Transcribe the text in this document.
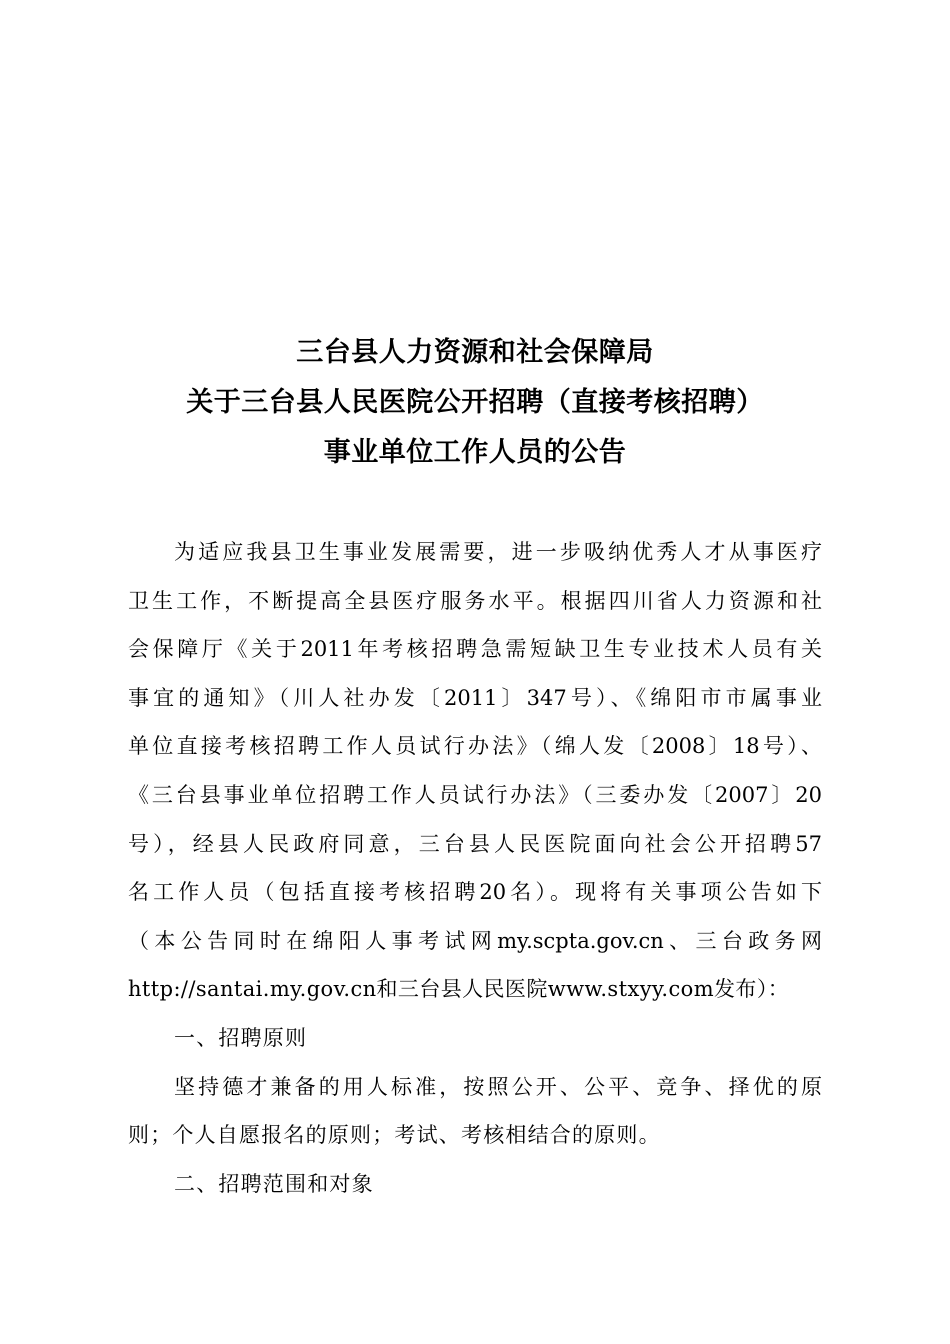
三台县人力资源和社会保障局
关于三台县人民医院公开招聘（直接考核招聘）
事业单位工作人员的公告
为适应我县卫生事业发展需要，进一步吸纳优秀人才从事医疗
卫生工作，不断提高全县医疗服务水平。根据四川省人力资源和社
会保障厅《关于2011年考核招聘急需短缺卫生专业技术人员有关
事宜的通知》（川人社办发〔2011〕347号）、《绵阳市市属事业
单位直接考核招聘工作人员试行办法》（绵人发〔2008〕18号）、
《三台县事业单位招聘工作人员试行办法》（三委办发〔2007〕20
号），经县人民政府同意，三台县人民医院面向社会公开招聘57
名工作人员（包括直接考核招聘20名）。现将有关事项公告如下
（本公告同时在绵阳人事考试网my.scpta.gov.cn、三台政务网
http://santai.my.gov.cn和三台县人民医院www.stxyy.com发布）：
一、招聘原则
坚持德才兼备的用人标准，按照公开、公平、竞争、择优的原
则；个人自愿报名的原则；考试、考核相结合的原则。
二、招聘范围和对象
